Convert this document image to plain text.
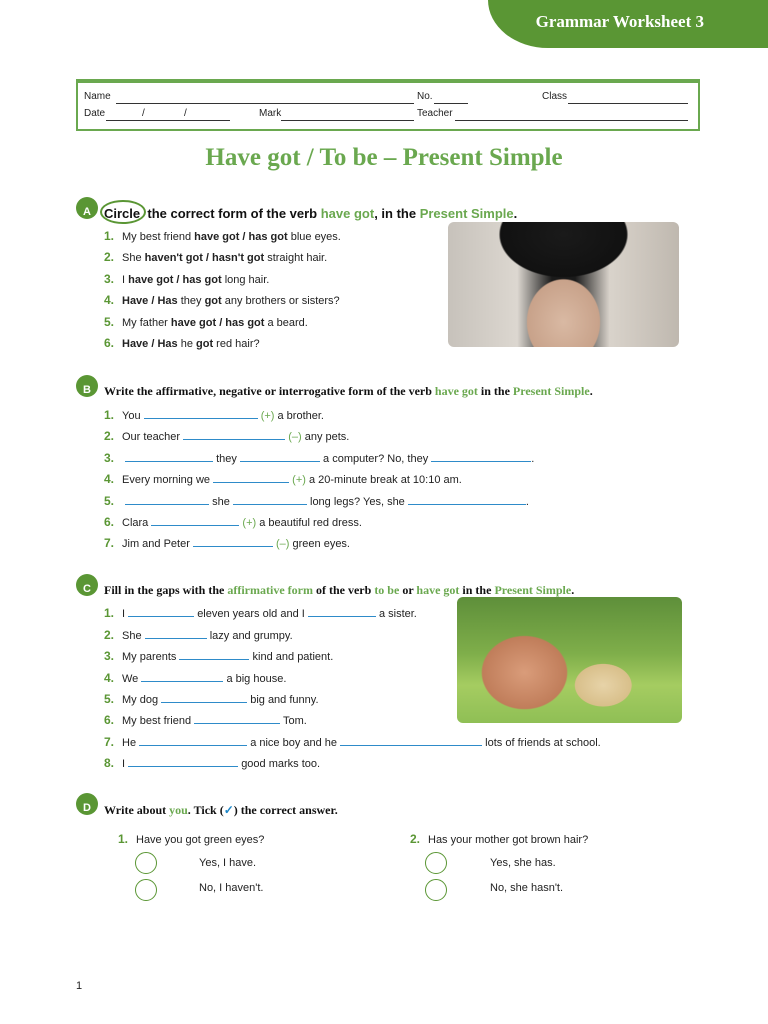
Grammar Worksheet 3
Name	No.	Class
Date	/	/	Mark	Teacher
Have got / To be – Present Simple
A	Circle  the correct form of the verb have got, in the Present Simple.
1. My best friend have got / has got blue eyes.
2. She haven't got / hasn't got straight hair.
3. I have got / has got long hair.
4. Have / Has they got any brothers or sisters?
5. My father have got / has got a beard.
6. Have / Has he got red hair?
B	Write the affirmative, negative or interrogative form of the verb have got in the Present Simple.
1. You	(+) a brother.
2. Our teacher	(–) any pets.
3.	they	a computer? No, they	.
4. Every morning we	(+) a 20-minute break at 10:10 am.
5.	she	long legs? Yes, she	.
6. Clara	(+) a beautiful red dress.
7. Jim and Peter	(–) green eyes.
C	Fill in the gaps with the affirmative form of the verb to be or have got in the Present Simple.
1. I	eleven years old and I	a sister.
2. She	lazy and grumpy.
3. My parents	kind and patient.
4. We	a big house.
5. My dog	big and funny.
6. My best friend	Tom.
7. He	a nice boy and he	lots of friends at school.
8. I	good marks too.
D	Write about you. Tick (✓) the correct answer.
1. Have you got green eyes?
Yes, I have.
No, I haven't.
2. Has your mother got brown hair?
Yes, she has.
No, she hasn't.
1
